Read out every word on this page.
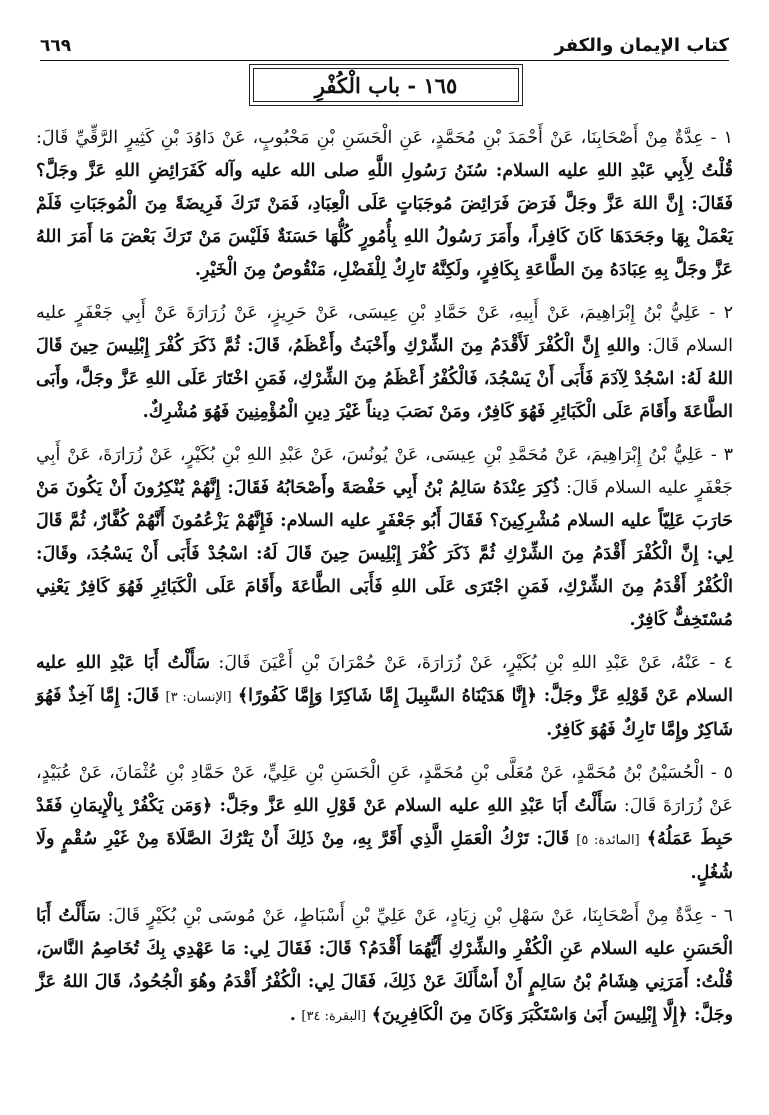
كتاب الإيمان والكفر
٦٦٩
١٦٥ - باب الْكُفْرِ

١ - عِدَّةٌ مِنْ أَصْحَابِنَا، عَنْ أَحْمَدَ بْنِ مُحَمَّدٍ، عَنِ الْحَسَنِ بْنِ مَحْبُوبٍ، عَنْ دَاوُدَ بْنِ كَثِيرٍ الرَّقِّيِّ قَالَ: قُلْتُ لِأَبِي عَبْدِ اللهِ عليه السلام: سُنَنُ رَسُولِ اللَّهِ صلى الله عليه وآله كَفَرَائِضِ اللهِ عَزَّ وجَلَّ؟ فَقَالَ: إِنَّ اللهَ عَزَّ وجَلَّ فَرَضَ فَرَائِضَ مُوجَبَاتٍ عَلَى الْعِبَادِ، فَمَنْ تَرَكَ فَرِيضَةً مِنَ الْمُوجَبَاتِ فَلَمْ يَعْمَلْ بِهَا وجَحَدَهَا كَانَ كَافِراً، وأَمَرَ رَسُولُ اللهِ بِأُمُورٍ كُلُّهَا حَسَنَةٌ فَلَيْسَ مَنْ تَرَكَ بَعْضَ مَا أَمَرَ اللهُ عَزَّ وجَلَّ بِهِ عِبَادَهُ مِنَ الطَّاعَةِ بِكَافِرٍ، ولَكِنَّهُ تَارِكٌ لِلْفَضْلِ، مَنْقُوصٌ مِنَ الْخَيْرِ.

٢ - عَلِيُّ بْنُ إِبْرَاهِيمَ، عَنْ أَبِيهِ، عَنْ حَمَّادِ بْنِ عِيسَى، عَنْ حَرِيزٍ، عَنْ زُرَارَةَ عَنْ أَبِي جَعْفَرٍ عليه السلام قَالَ: واللهِ إِنَّ الْكُفْرَ لَأَقْدَمُ مِنَ الشِّرْكِ وأَخْبَثُ وأَعْظَمُ، قَالَ: ثُمَّ ذَكَرَ كُفْرَ إِبْلِيسَ حِينَ قَالَ اللهُ لَهُ: اسْجُدْ لِآدَمَ فَأَبَى أَنْ يَسْجُدَ، فَالْكُفْرُ أَعْظَمُ مِنَ الشِّرْكِ، فَمَنِ اخْتَارَ عَلَى اللهِ عَزَّ وجَلَّ، وأَبَى الطَّاعَةَ وأَقَامَ عَلَى الْكَبَائِرِ فَهُوَ كَافِرٌ، ومَنْ نَصَبَ دِيناً غَيْرَ دِينِ الْمُؤْمِنِينَ فَهُوَ مُشْرِكٌ.

٣ - عَلِيُّ بْنُ إِبْرَاهِيمَ، عَنْ مُحَمَّدِ بْنِ عِيسَى، عَنْ يُونُسَ، عَنْ عَبْدِ اللهِ بْنِ بُكَيْرٍ، عَنْ زُرَارَةَ، عَنْ أَبِي جَعْفَرٍ عليه السلام قَالَ: ذُكِرَ عِنْدَهُ سَالِمُ بْنُ أَبِي حَفْصَةَ وأَصْحَابُهُ فَقَالَ: إِنَّهُمْ يُنْكِرُونَ أَنْ يَكُونَ مَنْ حَارَبَ عَلِيّاً عليه السلام مُشْرِكِينَ؟ فَقَالَ أَبُو جَعْفَرٍ عليه السلام: فَإِنَّهُمْ يَزْعُمُونَ أَنَّهُمْ كُفَّارٌ، ثُمَّ قَالَ لِي: إِنَّ الْكُفْرَ أَقْدَمُ مِنَ الشِّرْكِ ثُمَّ ذَكَرَ كُفْرَ إِبْلِيسَ حِينَ قَالَ لَهُ: اسْجُدْ فَأَبَى أَنْ يَسْجُدَ، وقَالَ: الْكُفْرُ أَقْدَمُ مِنَ الشِّرْكِ، فَمَنِ اجْتَرَى عَلَى اللهِ فَأَبَى الطَّاعَةَ وأَقَامَ عَلَى الْكَبَائِرِ فَهُوَ كَافِرٌ يَعْنِي مُسْتَخِفٌّ كَافِرٌ.

٤ - عَنْهُ، عَنْ عَبْدِ اللهِ بْنِ بُكَيْرٍ، عَنْ زُرَارَةَ، عَنْ حُمْرَانَ بْنِ أَعْيَنَ قَالَ: سَأَلْتُ أَبَا عَبْدِ اللهِ عليه السلام عَنْ قَوْلِهِ عَزَّ وجَلَّ: ﴿إِنَّا هَدَيْنَاهُ السَّبِيلَ إِمَّا شَاكِرًا وَإِمَّا كَفُورًا﴾ [الإنسان: ٣] قَالَ: إِمَّا آخِذٌ فَهُوَ شَاكِرٌ وإِمَّا تَارِكٌ فَهُوَ كَافِرٌ.

٥ - الْحُسَيْنُ بْنُ مُحَمَّدٍ، عَنْ مُعَلَّى بْنِ مُحَمَّدٍ، عَنِ الْحَسَنِ بْنِ عَلِيٍّ، عَنْ حَمَّادِ بْنِ عُثْمَانَ، عَنْ عُبَيْدٍ، عَنْ زُرَارَةَ قَالَ: سَأَلْتُ أَبَا عَبْدِ اللهِ عليه السلام عَنْ قَوْلِ اللهِ عَزَّ وجَلَّ: ﴿وَمَن يَكْفُرْ بِالْإِيمَانِ فَقَدْ حَبِطَ عَمَلُهُ﴾ [المائدة: ٥] قَالَ: تَرْكُ الْعَمَلِ الَّذِي أَقَرَّ بِهِ، مِنْ ذَلِكَ أَنْ يَتْرُكَ الصَّلَاةَ مِنْ غَيْرِ سُقْمٍ ولَا شُغُلٍ.

٦ - عِدَّةٌ مِنْ أَصْحَابِنَا، عَنْ سَهْلِ بْنِ زِيَادٍ، عَنْ عَلِيِّ بْنِ أَسْبَاطٍ، عَنْ مُوسَى بْنِ بُكَيْرٍ قَالَ: سَأَلْتُ أَبَا الْحَسَنِ عليه السلام عَنِ الْكُفْرِ والشِّرْكِ أَيُّهُمَا أَقْدَمُ؟ قَالَ: فَقَالَ لِي: مَا عَهْدِي بِكَ تُخَاصِمُ النَّاسَ، قُلْتُ: أَمَرَنِي هِشَامُ بْنُ سَالِمٍ أَنْ أَسْأَلَكَ عَنْ ذَلِكَ، فَقَالَ لِي: الْكُفْرُ أَقْدَمُ وهُوَ الْجُحُودُ، قَالَ اللهُ عَزَّ وجَلَّ: ﴿إِلَّا إِبْلِيسَ أَبَىٰ وَاسْتَكْبَرَ وَكَانَ مِنَ الْكَافِرِينَ﴾ [البقرة: ٣٤] .
